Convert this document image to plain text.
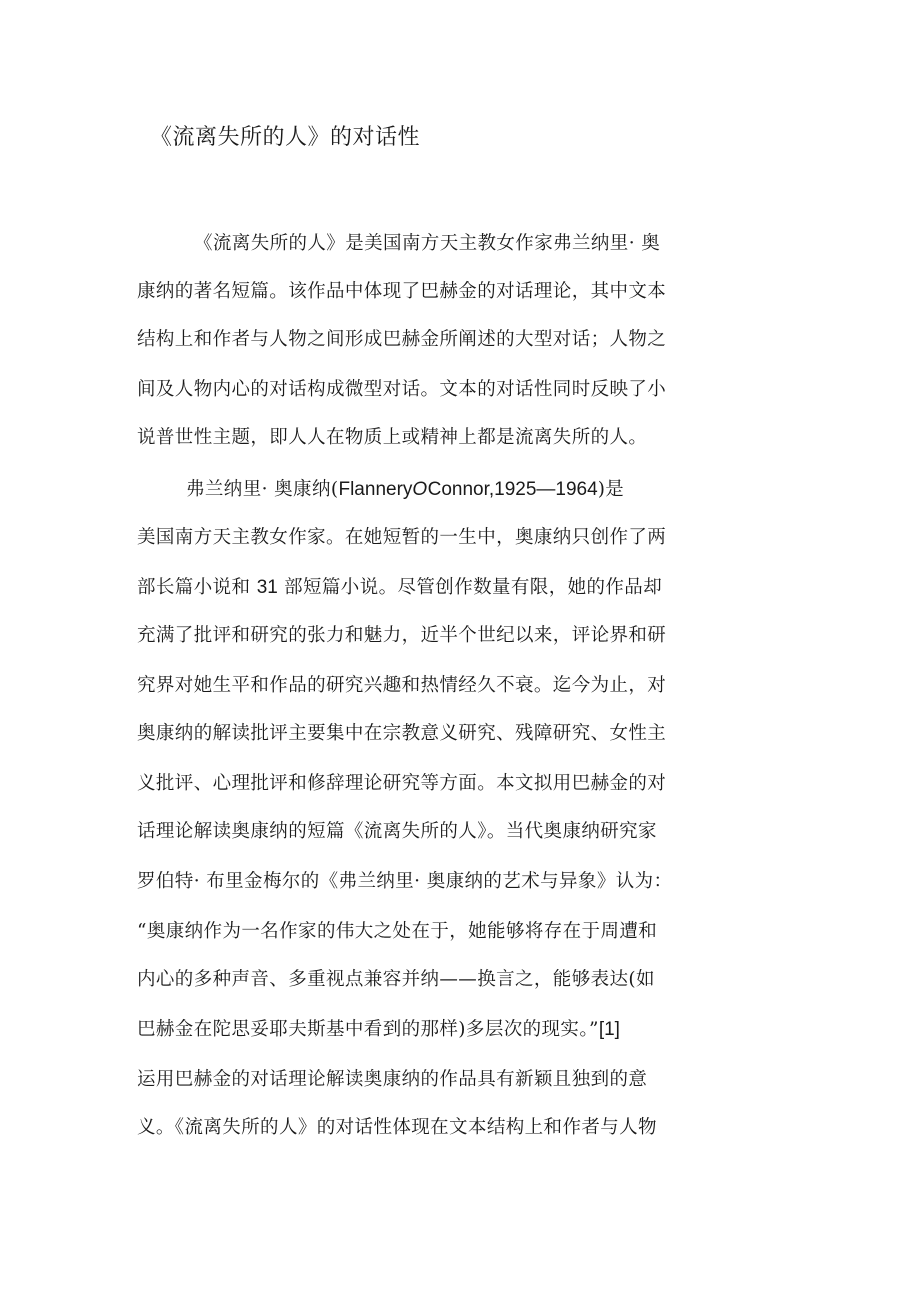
《流离失所的人》的对话性
《流离失所的人》是美国南方天主教女作家弗兰纳里· 奥
康纳的著名短篇。该作品中体现了巴赫金的对话理论，其中文本
结构上和作者与人物之间形成巴赫金所阐述的大型对话；人物之
间及人物内心的对话构成微型对话。文本的对话性同时反映了小
说普世性主题，即人人在物质上或精神上都是流离失所的人。
弗兰纳里· 奥康纳(FlanneryOConnor,1925—1964)是
美国南方天主教女作家。在她短暂的一生中，奥康纳只创作了两
部长篇小说和 31 部短篇小说。尽管创作数量有限，她的作品却
充满了批评和研究的张力和魅力，近半个世纪以来，评论界和研
究界对她生平和作品的研究兴趣和热情经久不衰。迄今为止，对
奥康纳的解读批评主要集中在宗教意义研究、残障研究、女性主
义批评、心理批评和修辞理论研究等方面。本文拟用巴赫金的对
话理论解读奥康纳的短篇《流离失所的人》。当代奥康纳研究家
罗伯特· 布里金梅尔的《弗兰纳里· 奥康纳的艺术与异象》认为：
“奥康纳作为一名作家的伟大之处在于，她能够将存在于周遭和
内心的多种声音、多重视点兼容并纳——换言之，能够表达(如
巴赫金在陀思妥耶夫斯基中看到的那样)多层次的现实。”[1]
运用巴赫金的对话理论解读奥康纳的作品具有新颖且独到的意
义。《流离失所的人》的对话性体现在文本结构上和作者与人物
